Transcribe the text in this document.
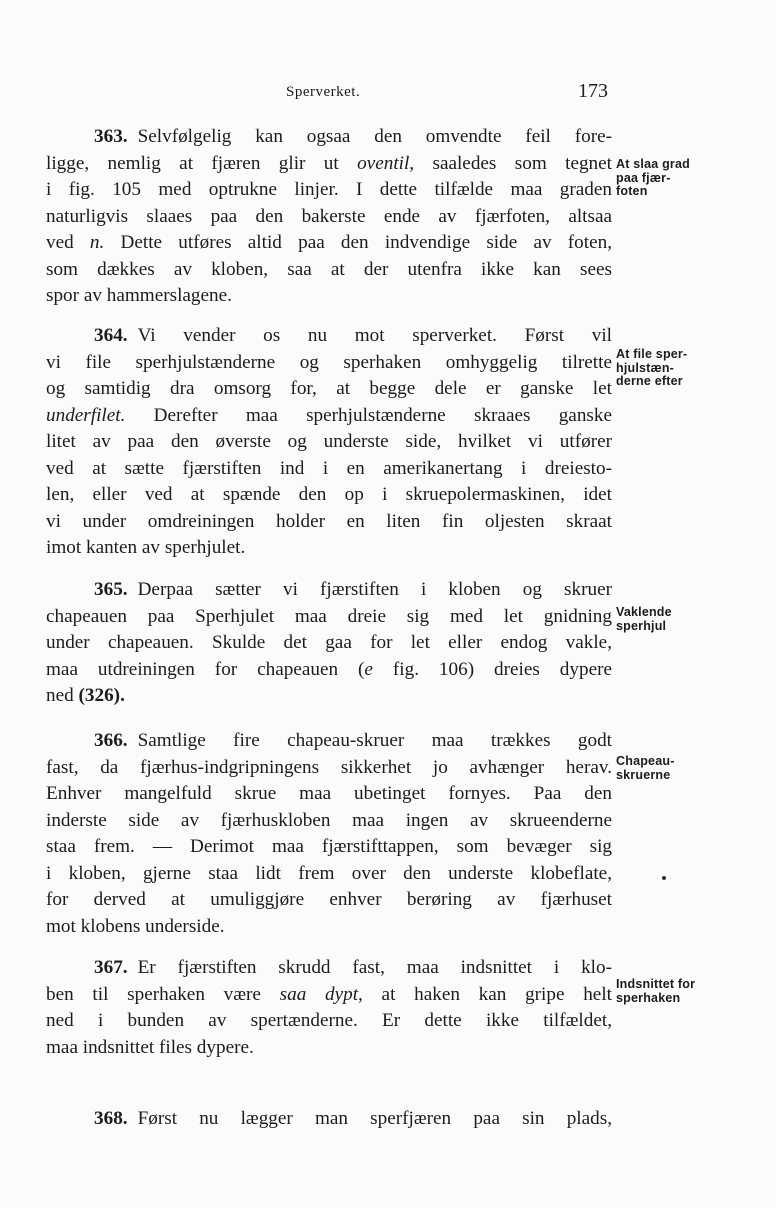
Sperverket.	173
363. Selvfølgelig kan ogsaa den omvendte feil fore-
ligge, nemlig at fjæren glir ut oventil, saaledes som tegnet
i fig. 105 med optrukne linjer. I dette tilfælde maa graden
naturligvis slaaes paa den bakerste ende av fjærfoten, altsaa
ved n. Dette utføres altid paa den indvendige side av foten,
som dækkes av kloben, saa at der utenfra ikke kan sees
spor av hammerslagene.
At slaa grad
paa fjær-
foten
364. Vi vender os nu mot sperverket. Først vil
vi file sperhjulstænderne og sperhaken omhyggelig tilrette
og samtidig dra omsorg for, at begge dele er ganske let
underfilet. Derefter maa sperhjulstænderne skraaes ganske
litet av paa den øverste og underste side, hvilket vi utfører
ved at sætte fjærstiften ind i en amerikanertang i dreiesto-
len, eller ved at spænde den op i skruepolermaskinen, idet
vi under omdreiningen holder en liten fin oljesten skraat
imot kanten av sperhjulet.
At file sper-
hjulstæn-
derne efter
365. Derpaa sætter vi fjærstiften i kloben og skruer
chapeauen paa Sperhjulet maa dreie sig med let gnidning
under chapeauen. Skulde det gaa for let eller endog vakle,
maa utdreiningen for chapeauen (e fig. 106) dreies dypere
ned (326).
Vaklende
sperhjul
366. Samtlige fire chapeau-skruer maa trækkes godt
fast, da fjærhus-indgripningens sikkerhet jo avhænger herav.
Enhver mangelfuld skrue maa ubetinget fornyes. Paa den
inderste side av fjærhuskloben maa ingen av skrueenderne
staa frem. — Derimot maa fjærstifttappen, som bevæger sig
i kloben, gjerne staa lidt frem over den underste klobeflate,
for derved at umuliggjøre enhver berøring av fjærhuset
mot klobens underside.
Chapeau-
skruerne
367. Er fjærstiften skrudd fast, maa indsnittet i klo-
ben til sperhaken være saa dypt, at haken kan gripe helt
ned i bunden av spertænderne. Er dette ikke tilfældet,
maa indsnittet files dypere.
Indsnittet for
sperhaken
368. Først nu lægger man sperfjæren paa sin plads,
